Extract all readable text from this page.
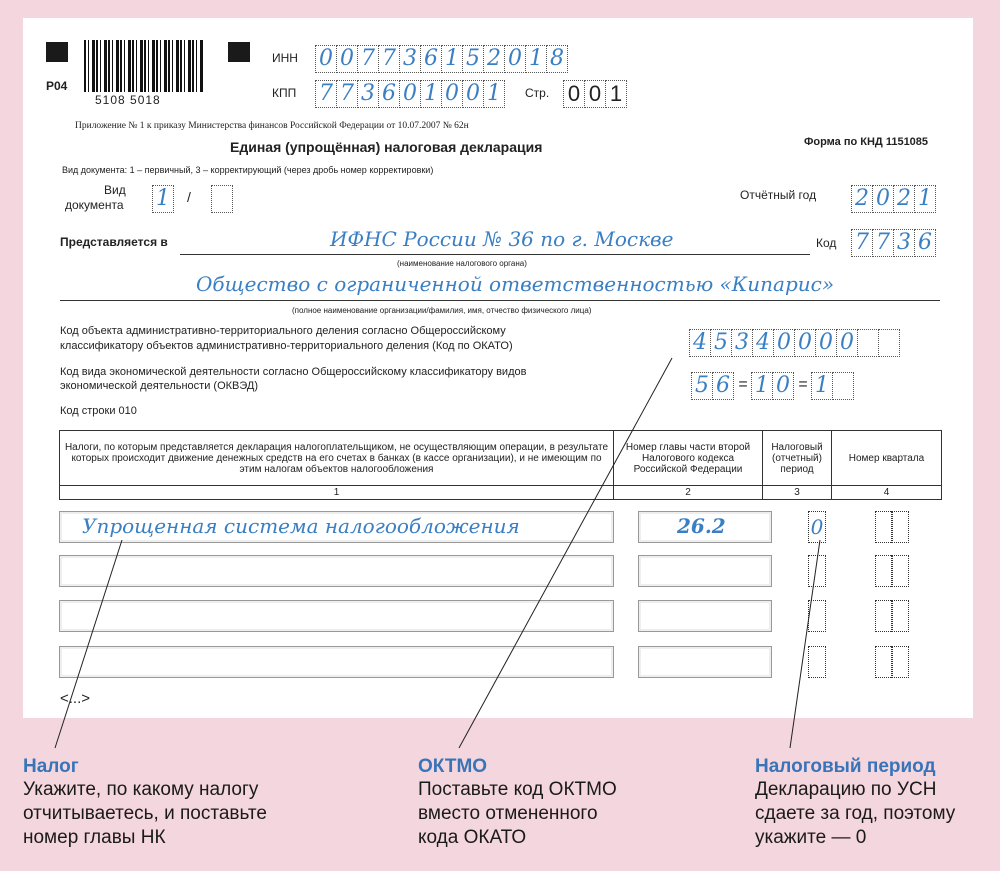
P04
5108 5018
ИНН 0 0 7 7 3 6 1 5 2 0 1 8
КПП 7 7 3 6 0 1 0 0 1	Стр. 0 0 1
Приложение № 1 к приказу Министерства финансов Российской Федерации от 10.07.2007 № 62н
Единая (упрощённая) налоговая декларация	Форма по КНД 1151085
Вид документа: 1 – первичный, 3 – корректирующий (через дробь номер корректировки)
Вид
документа 1 /	Отчётный год 2 0 2 1
Представляется в	ИФНС России № 36 по г. Москве
(наименование налогового органа)
Код 7 7 3 6
Общество с ограниченной ответственностью «Кипарис»
(полное наименование организации/фамилия, имя, отчество физического лица)
Код объекта административно-территориального деления согласно Общероссийскому
классификатору объектов административно-территориального деления (Код по ОКАТО)	4 5 3 4 0 0 0 0
Код вида экономической деятельности согласно Общероссийскому классификатору видов
экономической деятельности (ОКВЭД)	5 6 = 1 0 = 1
Код строки 010
Налоги, по которым представляется декларация налогоплательщиком, не осуществляющим операции, в результате которых происходит движение денежных средств на его счетах в банках (в кассе организации), и не имеющим по этим налогам объектов налогообложения	Номер главы части второй Налогового кодекса Российской Федерации	Налоговый (отчетный) период	Номер квартала
1	2	3	4
Упрощенная система налогообложения	26.2	0
<...>
Налог
Укажите, по какому налогу
отчитываетесь, и поставьте
номер главы НК
ОКТМО
Поставьте код ОКТМО
вместо отмененного
кода ОКАТО
Налоговый период
Декларацию по УСН
сдаете за год, поэтому
укажите — 0
